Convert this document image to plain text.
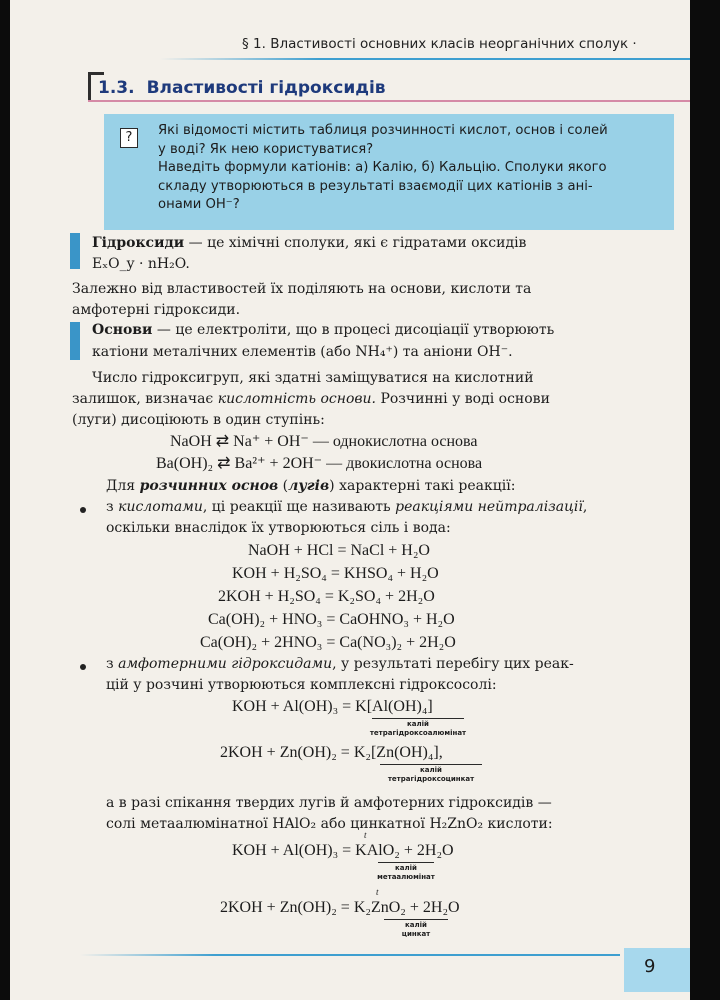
§ 1. Властивості основних класів неорганічних сполук ·
1.3. Властивості гідроксидів
?	Які відомості містить таблиця розчинності кислот, основ і солей

у воді? Як нею користуватися?

Наведіть формули катіонів: а) Калію, б) Кальцію. Сполуки якого

складу утворюються в результаті взаємодії цих катіонів з ані-

онами OH⁻?

Гідроксиди — це хімічні сполуки, які є гідратами оксидів
EₓO_y · nH₂O.
Залежно від властивостей їх поділяють на основи, кислоти та
амфотерні гідроксиди.
Основи — це електроліти, що в процесі дисоціації утворюють
катіони металічних елементів (або NH₄⁺) та аніони OH⁻.
Число гідроксигруп, які здатні заміщуватися на кислотний
залишок, визначає кислотність основи. Розчинні у воді основи
(луги) дисоціюють в один ступінь:
NaOH ⇄ Na⁺ + OH⁻ — однокислотна основа
Ba(OH)₂ ⇄ Ba²⁺ + 2OH⁻ — двокислотна основа
Для розчинних основ (лугів) характерні такі реакції:
з кислотами, ці реакції ще називають реакціями нейтралізації,
оскільки внаслідок їх утворюються сіль і вода:
NaOH + HCl = NaCl + H₂O
KOH + H₂SO₄ = KHSO₄ + H₂O
2KOH + H₂SO₄ = K₂SO₄ + 2H₂O
Ca(OH)₂ + HNO₃ = CaOHNO₃ + H₂O
Ca(OH)₂ + 2HNO₃ = Ca(NO₃)₂ + 2H₂O
з амфотерними гідроксидами, у результаті перебігу цих реак-
цій у розчині утворюються комплексні гідроксосолі:
KOH + Al(OH)₃ = K[Al(OH)₄]
калій
тетрагідроксоалюмінат
2KOH + Zn(OH)₂ = K₂[Zn(OH)₄],
калій
тетрагідроксоцинкат
а в разі спікання твердих лугів й амфотерних гідроксидів —
солі метаалюмінатної HAlO₂ або цинкатної H₂ZnO₂ кислоти:
t
KOH + Al(OH)₃ = KAlO₂ + 2H₂O
калій
метаалюмінат
t
2KOH + Zn(OH)₂ = K₂ZnO₂ + 2H₂O
калій
цинкат
9
